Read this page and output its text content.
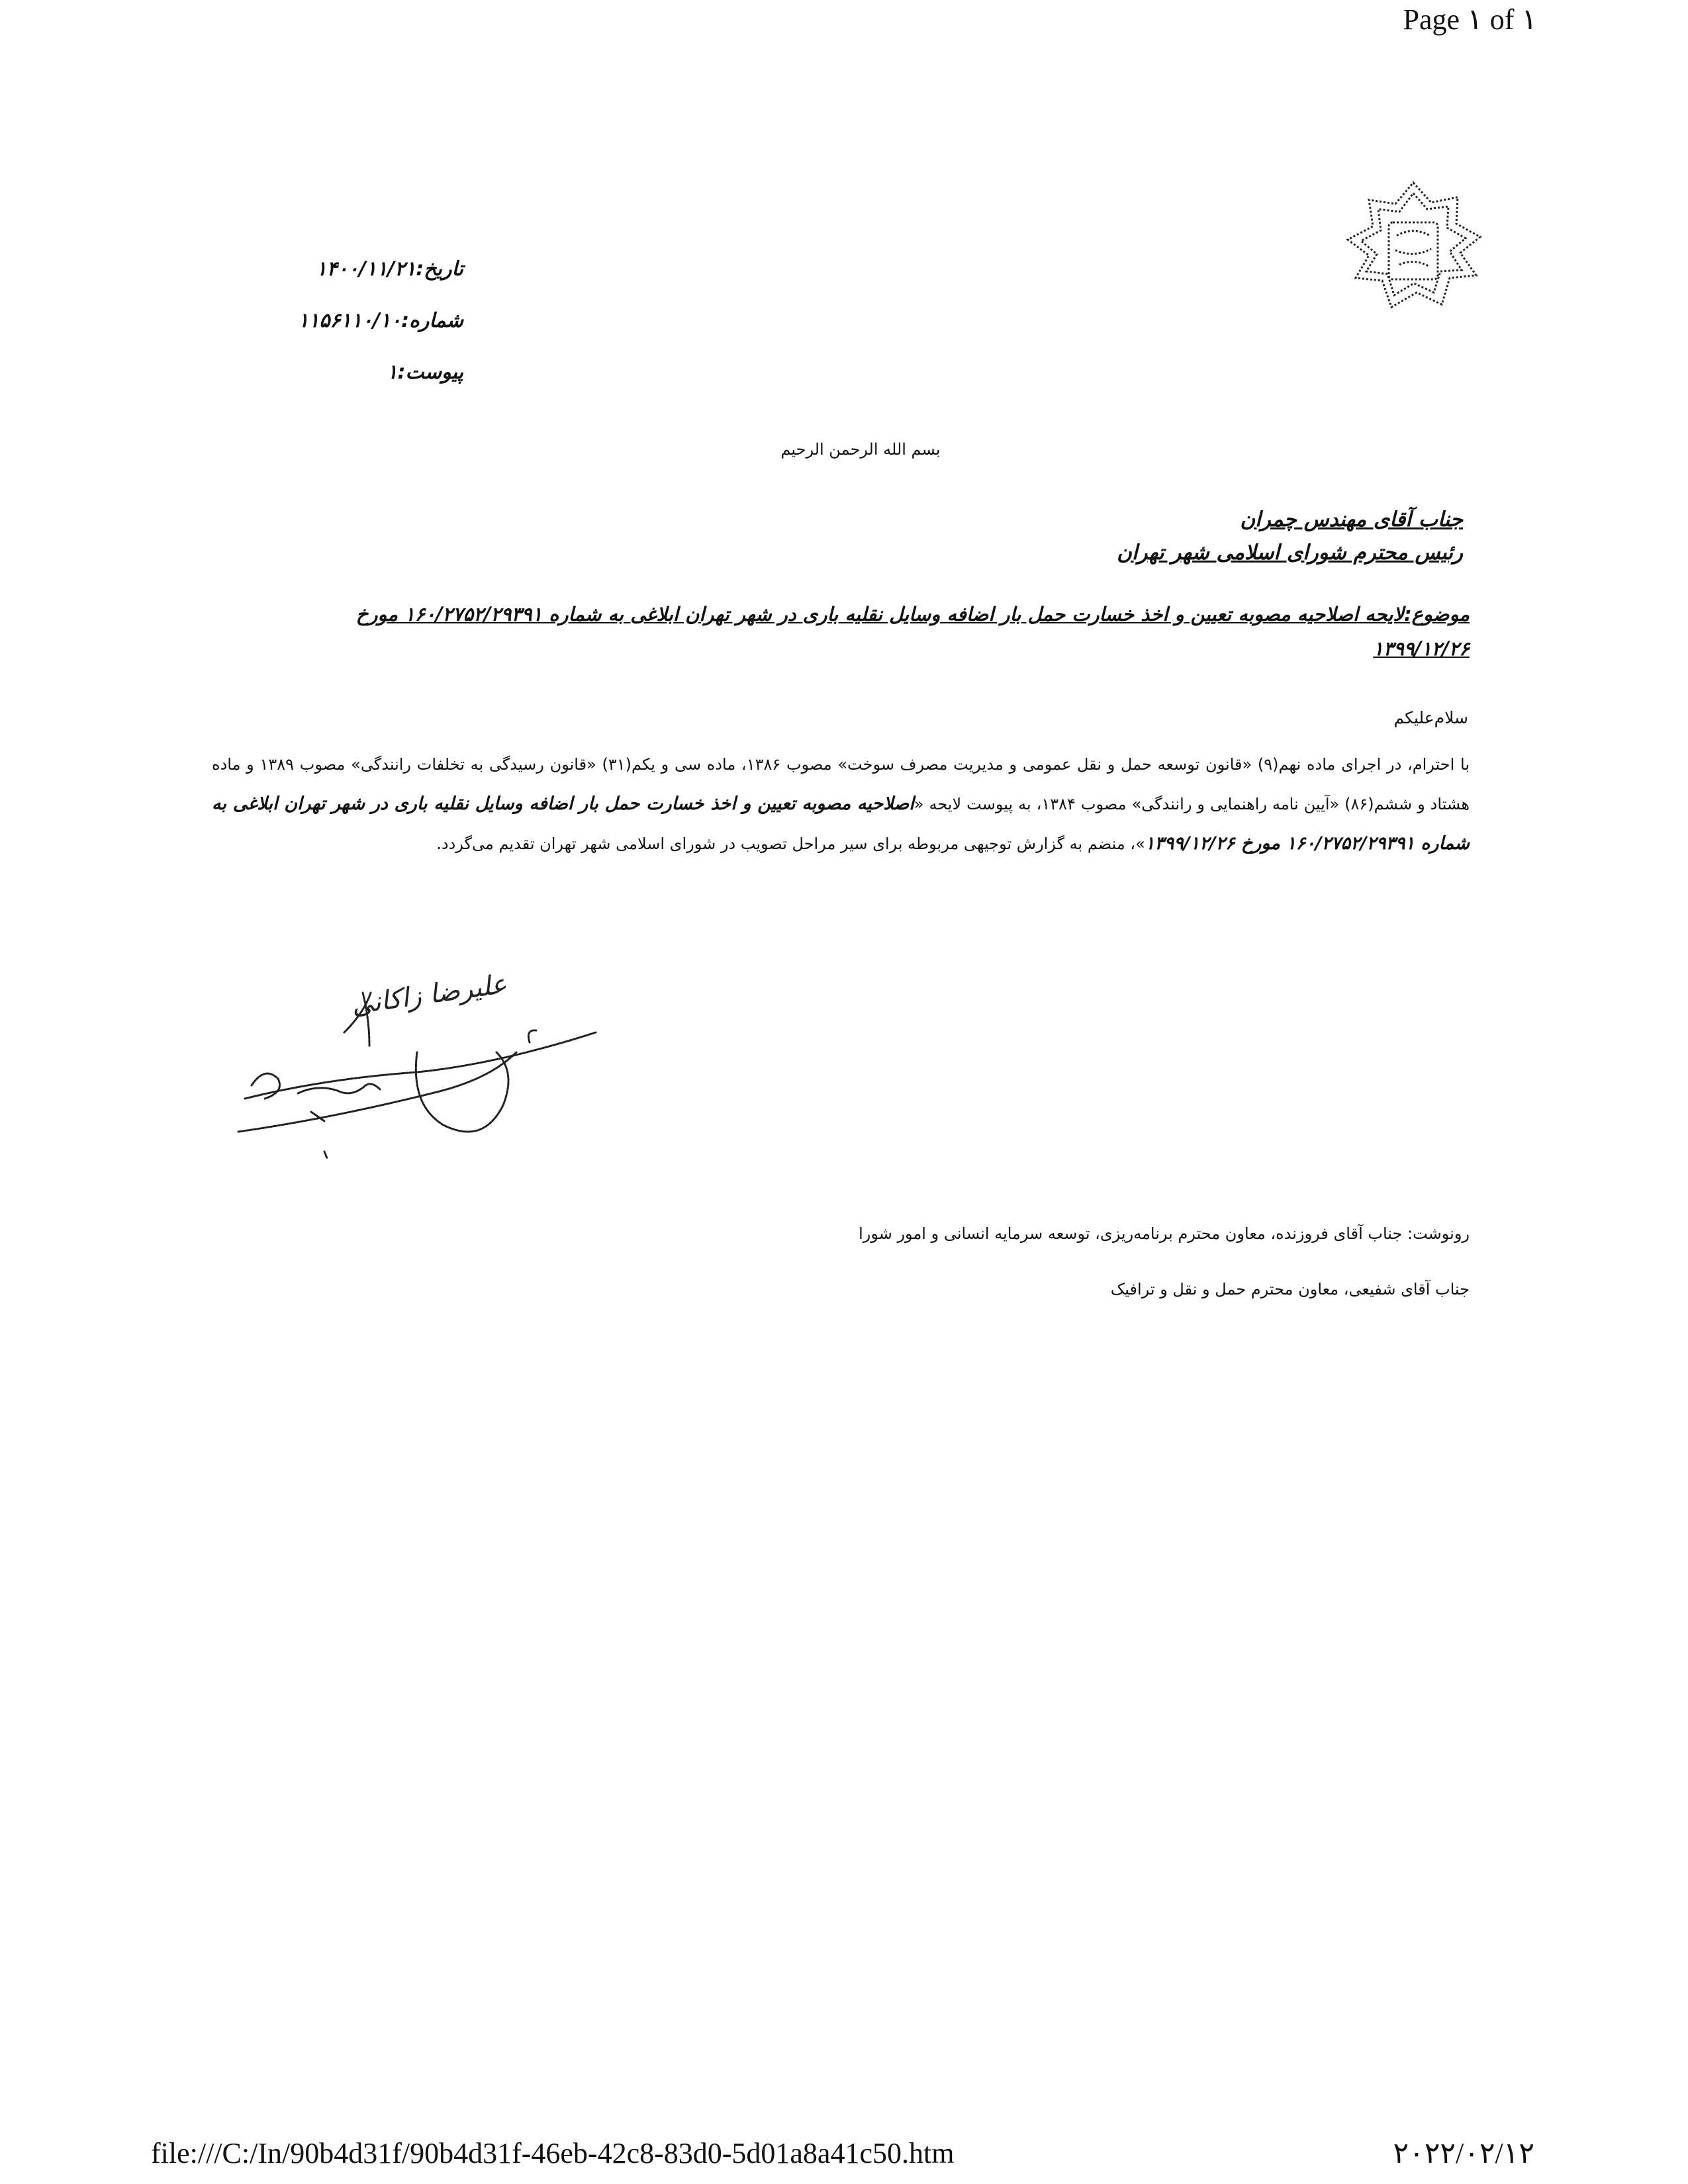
Page ۱ of ۱
تاریخ:۱۴۰۰/۱۱/۲۱
شماره:۱۱۵۶۱۱۰/۱۰
پیوست:۱
بسم الله الرحمن الرحیم
جناب آقای مهندس چمران
رئیس محترم شورای اسلامی شهر تهران
موضوع:لایحه اصلاحیه مصوبه تعیین و اخذ خسارت حمل بار اضافه وسایل نقلیه باری در شهر تهران ابلاغی به شماره ۱۶۰/۲۷۵۲/۲۹۳۹۱ مورخ ۱۳۹۹/۱۲/۲۶
سلام‌علیکم
با احترام، در اجرای ماده نهم(۹) «قانون توسعه حمل و نقل عمومی و مدیریت مصرف سوخت» مصوب ۱۳۸۶، ماده سی و یکم(۳۱) «قانون رسیدگی به تخلفات رانندگی» مصوب ۱۳۸۹ و ماده هشتاد و ششم(۸۶) «آیین نامه راهنمایی و رانندگی» مصوب ۱۳۸۴، به پیوست لایحه «اصلاحیه مصوبه تعیین و اخذ خسارت حمل بار اضافه وسایل نقلیه باری در شهر تهران ابلاغی به شماره ۱۶۰/۲۷۵۲/۲۹۳۹۱ مورخ ۱۳۹۹/۱۲/۲۶»، منضم به گزارش توجیهی مربوطه برای سیر مراحل تصویب در شورای اسلامی شهر تهران تقدیم می‌گردد.
علیرضا زاکانی
رونوشت: جناب آقای فروزنده، معاون محترم برنامه‌ریزی، توسعه سرمایه انسانی و امور شورا
جناب آقای شفیعی، معاون محترم حمل و نقل و ترافیک
file:///C:/In/90b4d31f/90b4d31f-46eb-42c8-83d0-5d01a8a41c50.htm	۲۰۲۲/۰۲/۱۲
